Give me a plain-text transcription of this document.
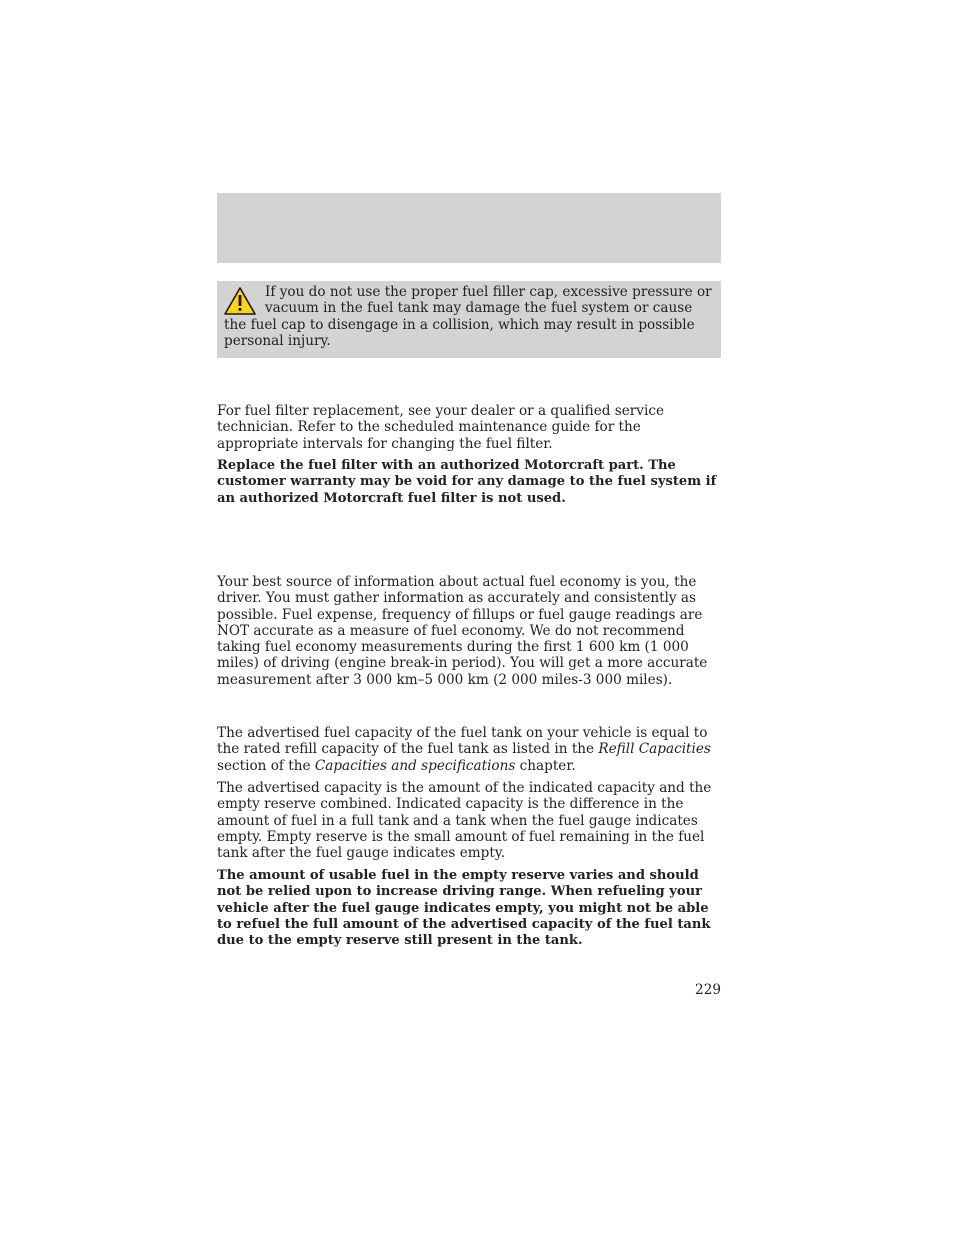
If you do not use the proper fuel filler cap, excessive pressure or vacuum in the fuel tank may damage the fuel system or cause the fuel cap to disengage in a collision, which may result in possible personal injury.

For fuel filter replacement, see your dealer or a qualified service technician. Refer to the scheduled maintenance guide for the appropriate intervals for changing the fuel filter.

Replace the fuel filter with an authorized Motorcraft part. The customer warranty may be void for any damage to the fuel system if an authorized Motorcraft fuel filter is not used.

Your best source of information about actual fuel economy is you, the driver. You must gather information as accurately and consistently as possible. Fuel expense, frequency of fillups or fuel gauge readings are NOT accurate as a measure of fuel economy. We do not recommend taking fuel economy measurements during the first 1 600 km (1 000 miles) of driving (engine break-in period). You will get a more accurate measurement after 3 000 km–5 000 km (2 000 miles-3 000 miles).

The advertised fuel capacity of the fuel tank on your vehicle is equal to the rated refill capacity of the fuel tank as listed in the Refill Capacities section of the Capacities and specifications chapter.

The advertised capacity is the amount of the indicated capacity and the empty reserve combined. Indicated capacity is the difference in the amount of fuel in a full tank and a tank when the fuel gauge indicates empty. Empty reserve is the small amount of fuel remaining in the fuel tank after the fuel gauge indicates empty.

The amount of usable fuel in the empty reserve varies and should not be relied upon to increase driving range. When refueling your vehicle after the fuel gauge indicates empty, you might not be able to refuel the full amount of the advertised capacity of the fuel tank due to the empty reserve still present in the tank.

229
